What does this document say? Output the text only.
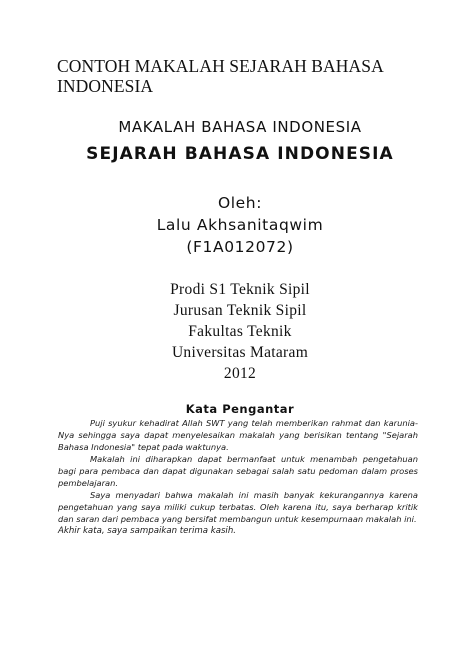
CONTOH MAKALAH SEJARAH BAHASA
INDONESIA
MAKALAH BAHASA INDONESIA
SEJARAH BAHASA INDONESIA
Oleh:
Lalu Akhsanitaqwim
(F1A012072)
Prodi S1 Teknik Sipil
Jurusan Teknik Sipil
Fakultas Teknik
Universitas Mataram
2012
Kata Pengantar

Puji syukur kehadirat Allah SWT yang telah memberikan rahmat dan karunia-Nya sehingga saya dapat menyelesaikan makalah yang berisikan tentang "Sejarah Bahasa Indonesia" tepat pada waktunya.

Makalah ini diharapkan dapat bermanfaat untuk menambah pengetahuan bagi para pembaca dan dapat digunakan sebagai salah satu pedoman dalam proses pembelajaran.

Saya menyadari bahwa makalah ini masih banyak kekurangannya karena pengetahuan yang saya miliki cukup terbatas. Oleh karena itu, saya berharap kritik dan saran dari pembaca yang bersifat membangun untuk kesempurnaan makalah ini.

Akhir kata, saya sampaikan terima kasih.
